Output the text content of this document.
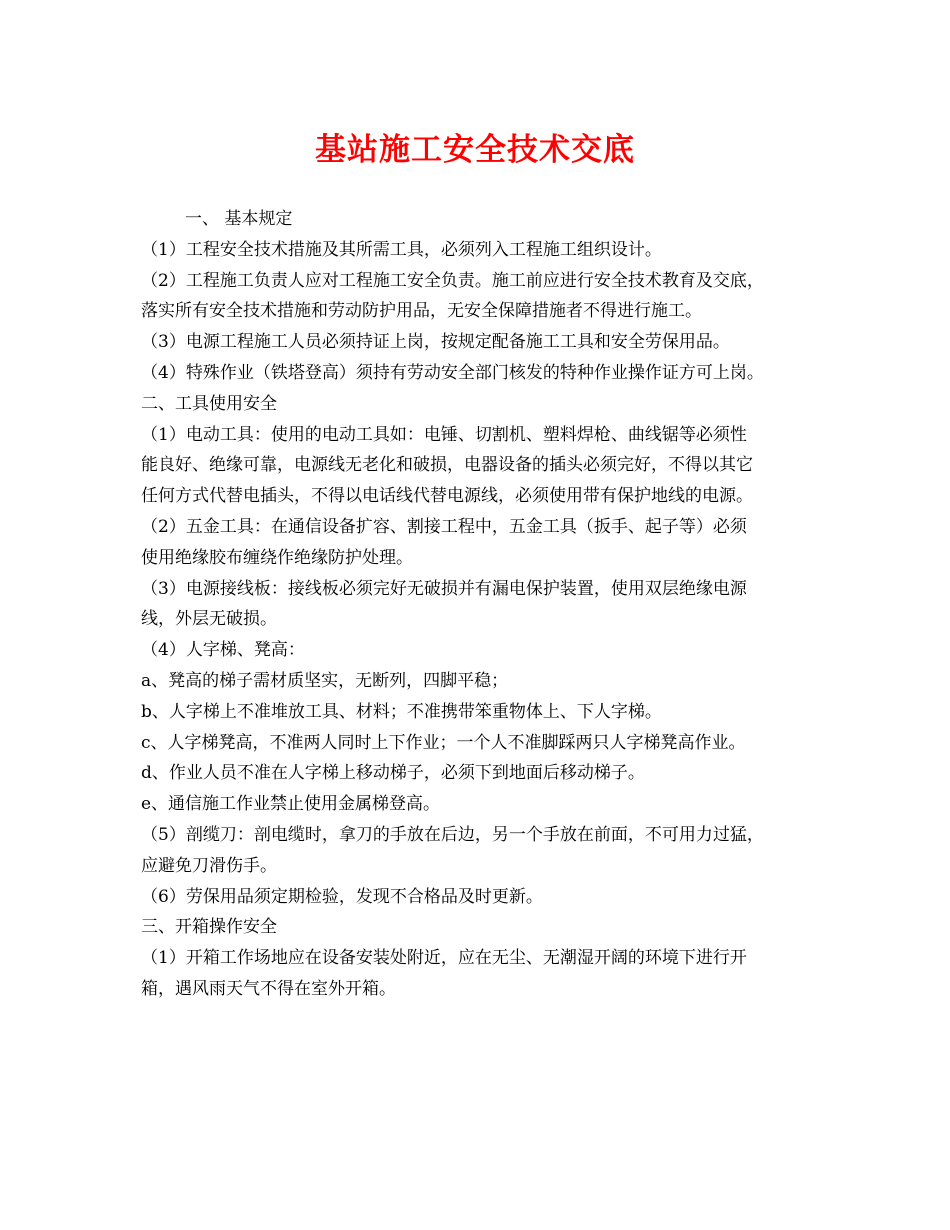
基站施工安全技术交底
一、 基本规定
（1）工程安全技术措施及其所需工具，必须列入工程施工组织设计。
（2）工程施工负责人应对工程施工安全负责。施工前应进行安全技术教育及交底，
落实所有安全技术措施和劳动防护用品，无安全保障措施者不得进行施工。
（3）电源工程施工人员必须持证上岗，按规定配备施工工具和安全劳保用品。
（4）特殊作业（铁塔登高）须持有劳动安全部门核发的特种作业操作证方可上岗。
二、工具使用安全
（1）电动工具：使用的电动工具如：电锤、切割机、塑料焊枪、曲线锯等必须性
能良好、绝缘可靠，电源线无老化和破损，电器设备的插头必须完好，不得以其它
任何方式代替电插头，不得以电话线代替电源线，必须使用带有保护地线的电源。
（2）五金工具：在通信设备扩容、割接工程中，五金工具（扳手、起子等）必须
使用绝缘胶布缠绕作绝缘防护处理。
（3）电源接线板：接线板必须完好无破损并有漏电保护装置，使用双层绝缘电源
线，外层无破损。
（4）人字梯、凳高：
a、凳高的梯子需材质坚实，无断列，四脚平稳；
b、人字梯上不准堆放工具、材料；不准携带笨重物体上、下人字梯。
c、人字梯凳高，不准两人同时上下作业；一个人不准脚踩两只人字梯凳高作业。
d、作业人员不准在人字梯上移动梯子，必须下到地面后移动梯子。
e、通信施工作业禁止使用金属梯登高。
（5）剖缆刀：剖电缆时，拿刀的手放在后边，另一个手放在前面，不可用力过猛，
应避免刀滑伤手。
（6）劳保用品须定期检验，发现不合格品及时更新。
三、开箱操作安全
（1）开箱工作场地应在设备安装处附近，应在无尘、无潮湿开阔的环境下进行开
箱，遇风雨天气不得在室外开箱。
